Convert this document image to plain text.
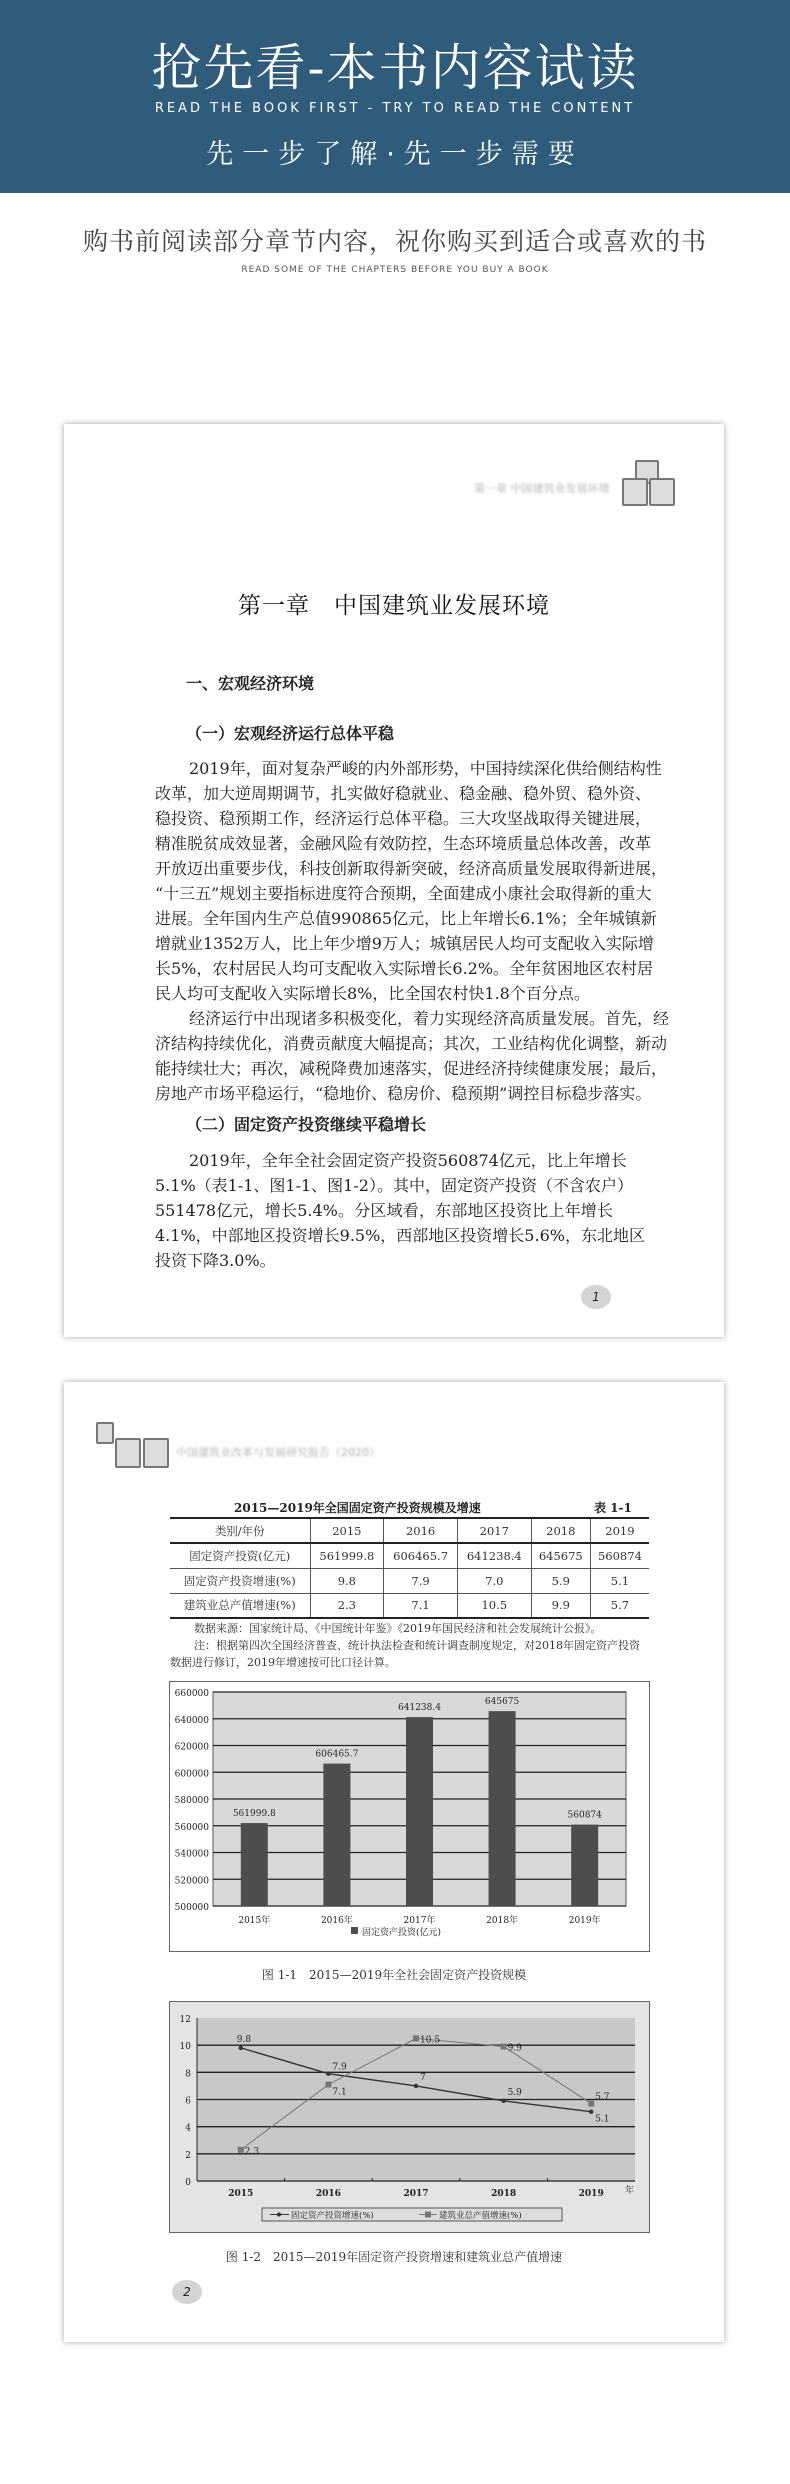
抢先看-本书内容试读
READ THE BOOK FIRST - TRY TO READ THE CONTENT
先一步了解·先一步需要
购书前阅读部分章节内容，祝你购买到适合或喜欢的书
READ SOME OF THE CHAPTERS BEFORE YOU BUY A BOOK
第一章 中国建筑业发展环境
第一章　中国建筑业发展环境
一、宏观经济环境
（一）宏观经济运行总体平稳
2019年，面对复杂严峻的内外部形势，中国持续深化供给侧结构性
改革，加大逆周期调节，扎实做好稳就业、稳金融、稳外贸、稳外资、
稳投资、稳预期工作，经济运行总体平稳。三大攻坚战取得关键进展，
精准脱贫成效显著，金融风险有效防控，生态环境质量总体改善，改革
开放迈出重要步伐，科技创新取得新突破，经济高质量发展取得新进展，
“十三五”规划主要指标进度符合预期，全面建成小康社会取得新的重大
进展。全年国内生产总值990865亿元，比上年增长6.1%；全年城镇新
增就业1352万人，比上年少增9万人；城镇居民人均可支配收入实际增
长5%，农村居民人均可支配收入实际增长6.2%。全年贫困地区农村居
民人均可支配收入实际增长8%，比全国农村快1.8个百分点。
经济运行中出现诸多积极变化，着力实现经济高质量发展。首先，经
济结构持续优化，消费贡献度大幅提高；其次，工业结构优化调整，新动
能持续壮大；再次，减税降费加速落实，促进经济持续健康发展；最后，
房地产市场平稳运行，“稳地价、稳房价、稳预期”调控目标稳步落实。
（二）固定资产投资继续平稳增长
2019年，全年全社会固定资产投资560874亿元，比上年增长
5.1%（表1-1、图1-1、图1-2）。其中，固定资产投资（不含农户）
551478亿元，增长5.4%。分区域看，东部地区投资比上年增长
4.1%，中部地区投资增长9.5%，西部地区投资增长5.6%，东北地区
投资下降3.0%。
1
中国建筑业改革与发展研究报告（2020）
2015—2019年全国固定资产投资规模及增速	表 1-1
类别/年份	2015	2016	2017	2018	2019
固定资产投资(亿元)	561999.8	606465.7	641238.4	645675	560874
固定资产投资增速(%)	9.8	7.9	7.0	5.9	5.1
建筑业总产值增速(%)	2.3	7.1	10.5	9.9	5.7
数据来源：国家统计局、《中国统计年鉴》《2019年国民经济和社会发展统计公报》。
注：根据第四次全国经济普查、统计执法检查和统计调查制度规定，对2018年固定资产投资数据进行修订，2019年增速按可比口径计算。
500000
520000
540000
560000
580000
600000
620000
640000
660000
561999.8
2015年
606465.7
2016年
641238.4
2017年
645675
2018年
560874
2019年
固定资产投资(亿元)
图 1-1　2015—2019年全社会固定资产投资规模
0
2
4
6
8
10
12
2015	2016	2017	2018	2019 年
9.8
7.9
7
5.9
5.1
2.3
7.1
10.5
9.9
5.7
固定资产投资增速(%)	建筑业总产值增速(%)
图 1-2　2015—2019年固定资产投资增速和建筑业总产值增速
2
